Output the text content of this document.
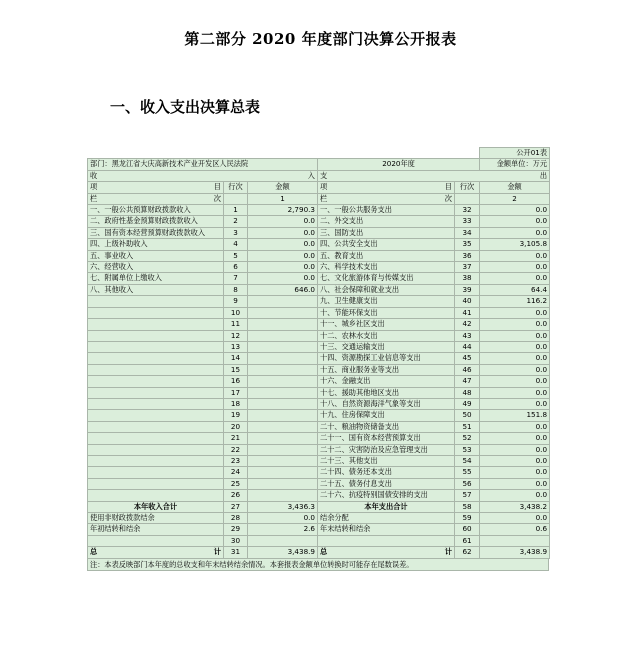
第二部分 2020 年度部门决算公开报表
一、收入支出决算总表
					公开01表
部门：黑龙江省大庆高新技术产业开发区人民法院			2020年度		金额单位：万元

收 入			支 出		

项 目	行次	金额	项 目	行次	金额

栏 次		1	栏 次		2
一、一般公共预算财政拨款收入	1	2,790.3	一、一般公共服务支出	32	0.0
二、政府性基金预算财政拨款收入	2	0.0	二、外交支出	33	0.0
三、国有资本经营预算财政拨款收入	3	0.0	三、国防支出	34	0.0
四、上级补助收入	4	0.0	四、公共安全支出	35	3,105.8
五、事业收入	5	0.0	五、教育支出	36	0.0
六、经营收入	6	0.0	六、科学技术支出	37	0.0
七、附属单位上缴收入	7	0.0	七、文化旅游体育与传媒支出	38	0.0
八、其他收入	8	646.0	八、社会保障和就业支出	39	64.4
	9		九、卫生健康支出	40	116.2
	10		十、节能环保支出	41	0.0
	11		十一、城乡社区支出	42	0.0
	12		十二、农林水支出	43	0.0
	13		十三、交通运输支出	44	0.0
	14		十四、资源勘探工业信息等支出	45	0.0
	15		十五、商业服务业等支出	46	0.0
	16		十六、金融支出	47	0.0
	17		十七、援助其他地区支出	48	0.0
	18		十八、自然资源海洋气象等支出	49	0.0
	19		十九、住房保障支出	50	151.8
	20		二十、粮油物资储备支出	51	0.0
	21		二十一、国有资本经营预算支出	52	0.0
	22		二十二、灾害防治及应急管理支出	53	0.0
	23		二十三、其他支出	54	0.0
	24		二十四、债务还本支出	55	0.0
	25		二十五、债务付息支出	56	0.0
	26		二十六、抗疫特别国债安排的支出	57	0.0
本年收入合计	27	3,436.3	本年支出合计	58	3,438.2
使用非财政拨款结余	28	0.0	结余分配	59	0.0
年初结转和结余	29	2.6	年末结转和结余	60	0.6
	30			61	

总 计	31	3,438.9	总 计	62	3,438.9
注：本表反映部门本年度的总收支和年末结转结余情况。本套报表金额单位转换时可能存在尾数误差。
